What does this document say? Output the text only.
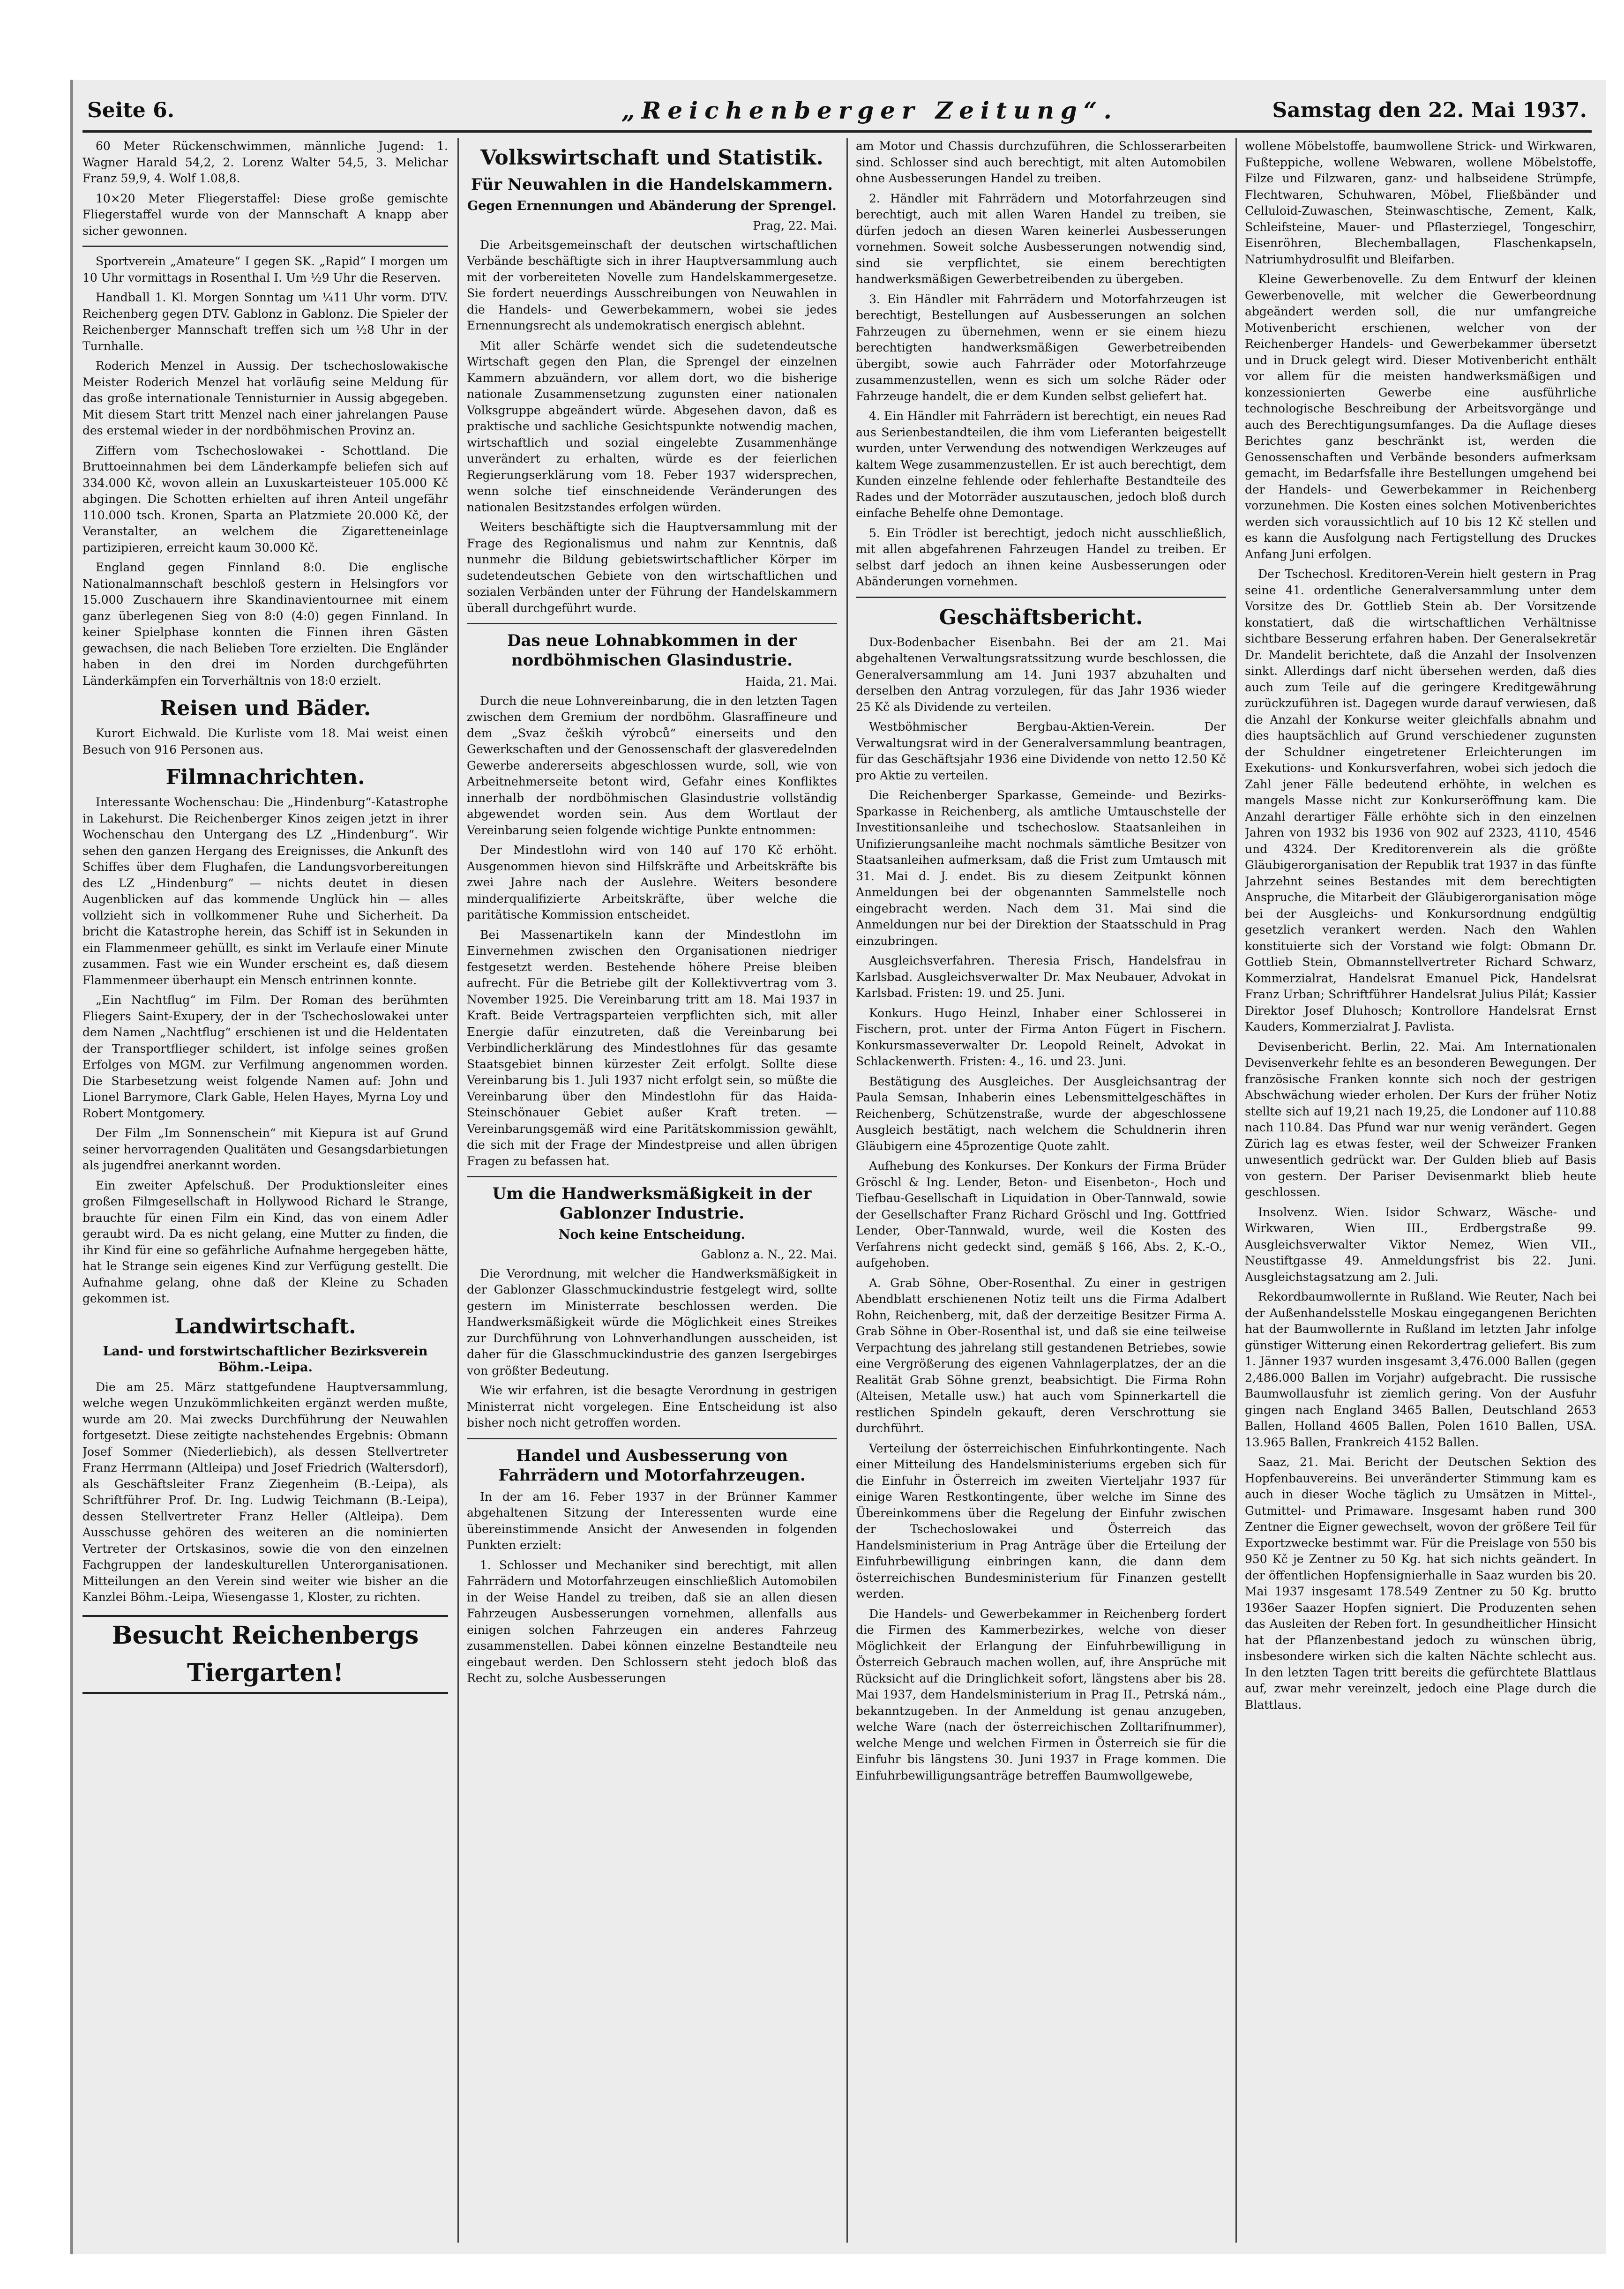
Seite 6.	„Reichenberger Zeitung“.	Samstag den 22. Mai 1937.

60 Meter Rückenschwimmen, männliche Jugend: 1. Wagner Harald 54,2, 2. Lorenz Walter 54,5, 3. Melichar Franz 59,9, 4. Wolf 1.08,8.

10×20 Meter Fliegerstaffel: Diese große gemischte Fliegerstaffel wurde von der Mannschaft A knapp aber sicher gewonnen.

Sportverein „Amateure“ I gegen SK. „Rapid“ I morgen um 10 Uhr vormittags in Rosenthal I. Um ½9 Uhr die Reserven.

Handball 1. Kl. Morgen Sonntag um ¼11 Uhr vorm. DTV. Reichenberg gegen DTV. Gablonz in Gablonz. Die Spieler der Reichenberger Mannschaft treffen sich um ½8 Uhr in der Turnhalle.

Roderich Menzel in Aussig. Der tschechoslowakische Meister Roderich Menzel hat vorläufig seine Meldung für das große internationale Tennisturnier in Aussig abgegeben. Mit diesem Start tritt Menzel nach einer jahrelangen Pause des erstemal wieder in der nordböhmischen Provinz an.

Ziffern vom Tschechoslowakei - Schottland. Die Bruttoeinnahmen bei dem Länderkampfe beliefen sich auf 334.000 Kč, wovon allein an Luxuskarteisteuer 105.000 Kč abgingen. Die Schotten erhielten auf ihren Anteil ungefähr 110.000 tsch. Kronen, Sparta an Platzmiete 20.000 Kč, der Veranstalter, an welchem die Zigaretteneinlage partizipieren, erreicht kaum 30.000 Kč.

England gegen Finnland 8:0. Die englische Nationalmannschaft beschloß gestern in Helsingfors vor 15.000 Zuschauern ihre Skandinavientournee mit einem ganz überlegenen Sieg von 8:0 (4:0) gegen Finnland. In keiner Spielphase konnten die Finnen ihren Gästen gewachsen, die nach Belieben Tore erzielten. Die Engländer haben in den drei im Norden durchgeführten Länderkämpfen ein Torverhältnis von 18:0 erzielt.

Reisen und Bäder.

Kurort Eichwald. Die Kurliste vom 18. Mai weist einen Besuch von 916 Personen aus.

Filmnachrichten.

Interessante Wochenschau: Die „Hindenburg“-Katastrophe in Lakehurst. Die Reichenberger Kinos zeigen jetzt in ihrer Wochenschau den Untergang des LZ „Hindenburg“. Wir sehen den ganzen Hergang des Ereignisses, die Ankunft des Schiffes über dem Flughafen, die Landungsvorbereitungen des LZ „Hindenburg“ — nichts deutet in diesen Augenblicken auf das kommende Unglück hin — alles vollzieht sich in vollkommener Ruhe und Sicherheit. Da bricht die Katastrophe herein, das Schiff ist in Sekunden in ein Flammenmeer gehüllt, es sinkt im Verlaufe einer Minute zusammen. Fast wie ein Wunder erscheint es, daß diesem Flammenmeer überhaupt ein Mensch entrinnen konnte.

„Ein Nachtflug“ im Film. Der Roman des berühmten Fliegers Saint-Exupery, der in der Tschechoslowakei unter dem Namen „Nachtflug“ erschienen ist und die Heldentaten der Transportflieger schildert, ist infolge seines großen Erfolges von MGM. zur Verfilmung angenommen worden. Die Starbesetzung weist folgende Namen auf: John und Lionel Barrymore, Clark Gable, Helen Hayes, Myrna Loy und Robert Montgomery.

Der Film „Im Sonnenschein“ mit Kiepura ist auf Grund seiner hervorragenden Qualitäten und Gesangsdarbietungen als jugendfrei anerkannt worden.

Ein zweiter Apfelschuß. Der Produktionsleiter eines großen Filmgesellschaft in Hollywood Richard le Strange, brauchte für einen Film ein Kind, das von einem Adler geraubt wird. Da es nicht gelang, eine Mutter zu finden, die ihr Kind für eine so gefährliche Aufnahme hergegeben hätte, hat le Strange sein eigenes Kind zur Verfügung gestellt. Die Aufnahme gelang, ohne daß der Kleine zu Schaden gekommen ist.

Landwirtschaft.
Land- und forstwirtschaftlicher Bezirksverein Böhm.-Leipa.

Die am 25. März stattgefundene Hauptversammlung, welche wegen Unzukömmlichkeiten ergänzt werden mußte, wurde am 20. Mai zwecks Durchführung der Neuwahlen fortgesetzt. Diese zeitigte nachstehendes Ergebnis: Obmann Josef Sommer (Niederliebich), als dessen Stellvertreter Franz Herrmann (Altleipa) und Josef Friedrich (Waltersdorf), als Geschäftsleiter Franz Ziegenheim (B.-Leipa), als Schriftführer Prof. Dr. Ing. Ludwig Teichmann (B.-Leipa), dessen Stellvertreter Franz Heller (Altleipa). Dem Ausschusse gehören des weiteren an die nominierten Vertreter der Ortskasinos, sowie die von den einzelnen Fachgruppen der landeskulturellen Unterorganisationen. Mitteilungen an den Verein sind weiter wie bisher an die Kanzlei Böhm.-Leipa, Wiesengasse 1, Kloster, zu richten.

Besucht Reichenbergs Tiergarten!
Volkswirtschaft und Statistik.
Für Neuwahlen in die Handelskammern.
Gegen Ernennungen und Abänderung der Sprengel.

Prag, 22. Mai.

Die Arbeitsgemeinschaft der deutschen wirtschaftlichen Verbände beschäftigte sich in ihrer Hauptversammlung auch mit der vorbereiteten Novelle zum Handelskammergesetze. Sie fordert neuerdings Ausschreibungen von Neuwahlen in die Handels- und Gewerbekammern, wobei sie jedes Ernennungsrecht als undemokratisch energisch ablehnt.

Mit aller Schärfe wendet sich die sudetendeutsche Wirtschaft gegen den Plan, die Sprengel der einzelnen Kammern abzuändern, vor allem dort, wo die bisherige nationale Zusammensetzung zugunsten einer nationalen Volksgruppe abgeändert würde. Abgesehen davon, daß es praktische und sachliche Gesichtspunkte notwendig machen, wirtschaftlich und sozial eingelebte Zusammenhänge unverändert zu erhalten, würde es der feierlichen Regierungserklärung vom 18. Feber 1937 widersprechen, wenn solche tief einschneidende Veränderungen des nationalen Besitzstandes erfolgen würden.

Weiters beschäftigte sich die Hauptversammlung mit der Frage des Regionalismus und nahm zur Kenntnis, daß nunmehr die Bildung gebietswirtschaftlicher Körper im sudetendeutschen Gebiete von den wirtschaftlichen und sozialen Verbänden unter der Führung der Handelskammern überall durchgeführt wurde.

Das neue Lohnabkommen in der nordböhmischen Glasindustrie.

Haida, 21. Mai.

Durch die neue Lohnvereinbarung, die in den letzten Tagen zwischen dem Gremium der nordböhm. Glasraffineure und dem „Svaz čeških výrobců“ einerseits und den Gewerkschaften und der Genossenschaft der glasveredelnden Gewerbe andererseits abgeschlossen wurde, soll, wie von Arbeitnehmerseite betont wird, Gefahr eines Konfliktes innerhalb der nordböhmischen Glasindustrie vollständig abgewendet worden sein. Aus dem Wortlaut der Vereinbarung seien folgende wichtige Punkte entnommen:

Der Mindestlohn wird von 140 auf 170 Kč erhöht. Ausgenommen hievon sind Hilfskräfte und Arbeitskräfte bis zwei Jahre nach der Auslehre. Weiters besondere minderqualifizierte Arbeitskräfte, über welche die paritätische Kommission entscheidet.

Bei Massenartikeln kann der Mindestlohn im Einvernehmen zwischen den Organisationen niedriger festgesetzt werden. Bestehende höhere Preise bleiben aufrecht. Für die Betriebe gilt der Kollektivvertrag vom 3. November 1925. Die Vereinbarung tritt am 18. Mai 1937 in Kraft. Beide Vertragsparteien verpflichten sich, mit aller Energie dafür einzutreten, daß die Vereinbarung bei Verbindlicherklärung des Mindestlohnes für das gesamte Staatsgebiet binnen kürzester Zeit erfolgt. Sollte diese Vereinbarung bis 1. Juli 1937 nicht erfolgt sein, so müßte die Vereinbarung über den Mindestlohn für das Haida-Steinschönauer Gebiet außer Kraft treten. — Vereinbarungsgemäß wird eine Paritätskommission gewählt, die sich mit der Frage der Mindestpreise und allen übrigen Fragen zu befassen hat.

Um die Handwerksmäßigkeit in der Gablonzer Industrie.
Noch keine Entscheidung.

Gablonz a. N., 22. Mai.

Die Verordnung, mit welcher die Handwerksmäßigkeit in der Gablonzer Glasschmuckindustrie festgelegt wird, sollte gestern im Ministerrate beschlossen werden. Die Handwerksmäßigkeit würde die Möglichkeit eines Streikes zur Durchführung von Lohnverhandlungen ausscheiden, ist daher für die Glasschmuckindustrie des ganzen Isergebirges von größter Bedeutung.

Wie wir erfahren, ist die besagte Verordnung in gestrigen Ministerrat nicht vorgelegen. Eine Entscheidung ist also bisher noch nicht getroffen worden.

Handel und Ausbesserung von Fahrrädern und Motorfahrzeugen.

In der am 16. Feber 1937 in der Brünner Kammer abgehaltenen Sitzung der Interessenten wurde eine übereinstimmende Ansicht der Anwesenden in folgenden Punkten erzielt:

1. Schlosser und Mechaniker sind berechtigt, mit allen Fahrrädern und Motorfahrzeugen einschließlich Automobilen in der Weise Handel zu treiben, daß sie an allen diesen Fahrzeugen Ausbesserungen vornehmen, allenfalls aus einigen solchen Fahrzeugen ein anderes Fahrzeug zusammenstellen. Dabei können einzelne Bestandteile neu eingebaut werden. Den Schlossern steht jedoch bloß das Recht zu, solche Ausbesserungen

am Motor und Chassis durchzuführen, die Schlosserarbeiten sind. Schlosser sind auch berechtigt, mit alten Automobilen ohne Ausbesserungen Handel zu treiben.

2. Händler mit Fahrrädern und Motorfahrzeugen sind berechtigt, auch mit allen Waren Handel zu treiben, sie dürfen jedoch an diesen Waren keinerlei Ausbesserungen vornehmen. Soweit solche Ausbesserungen notwendig sind, sind sie verpflichtet, sie einem berechtigten handwerksmäßigen Gewerbetreibenden zu übergeben.

3. Ein Händler mit Fahrrädern und Motorfahrzeugen ist berechtigt, Bestellungen auf Ausbesserungen an solchen Fahrzeugen zu übernehmen, wenn er sie einem hiezu berechtigten handwerksmäßigen Gewerbetreibenden übergibt, sowie auch Fahrräder oder Motorfahrzeuge zusammenzustellen, wenn es sich um solche Räder oder Fahrzeuge handelt, die er dem Kunden selbst geliefert hat.

4. Ein Händler mit Fahrrädern ist berechtigt, ein neues Rad aus Serienbestandteilen, die ihm vom Lieferanten beigestellt wurden, unter Verwendung des notwendigen Werkzeuges auf kaltem Wege zusammenzustellen. Er ist auch berechtigt, dem Kunden einzelne fehlende oder fehlerhafte Bestandteile des Rades und der Motorräder auszutauschen, jedoch bloß durch einfache Behelfe ohne Demontage.

5. Ein Trödler ist berechtigt, jedoch nicht ausschließlich, mit allen abgefahrenen Fahrzeugen Handel zu treiben. Er selbst darf jedoch an ihnen keine Ausbesserungen oder Abänderungen vornehmen.

Geschäftsbericht.

Dux-Bodenbacher Eisenbahn. Bei der am 21. Mai abgehaltenen Verwaltungsratssitzung wurde beschlossen, die Generalversammlung am 14. Juni 1937 abzuhalten und derselben den Antrag vorzulegen, für das Jahr 1936 wieder 25 Kč als Dividende zu verteilen.

Westböhmischer Bergbau-Aktien-Verein. Der Verwaltungsrat wird in der Generalversammlung beantragen, für das Geschäftsjahr 1936 eine Dividende von netto 12.50 Kč pro Aktie zu verteilen.

Die Reichenberger Sparkasse, Gemeinde- und Bezirks-Sparkasse in Reichenberg, als amtliche Umtauschstelle der Investitionsanleihe und tschechoslow. Staatsanleihen in Unifizierungsanleihe macht nochmals sämtliche Besitzer von Staatsanleihen aufmerksam, daß die Frist zum Umtausch mit 31. Mai d. J. endet. Bis zu diesem Zeitpunkt können Anmeldungen bei der obgenannten Sammelstelle noch eingebracht werden. Nach dem 31. Mai sind die Anmeldungen nur bei der Direktion der Staatsschuld in Prag einzubringen.

Ausgleichsverfahren. Theresia Frisch, Handelsfrau in Karlsbad. Ausgleichsverwalter Dr. Max Neubauer, Advokat in Karlsbad. Fristen: 19. und 25. Juni.

Konkurs. Hugo Heinzl, Inhaber einer Schlosserei in Fischern, prot. unter der Firma Anton Fügert in Fischern. Konkursmasseverwalter Dr. Leopold Reinelt, Advokat in Schlackenwerth. Fristen: 4., 16. und 23. Juni.

Bestätigung des Ausgleiches. Der Ausgleichsantrag der Paula Semsan, Inhaberin eines Lebensmittelgeschäftes in Reichenberg, Schützenstraße, wurde der abgeschlossene Ausgleich bestätigt, nach welchem die Schuldnerin ihren Gläubigern eine 45prozentige Quote zahlt.

Aufhebung des Konkurses. Der Konkurs der Firma Brüder Gröschl & Ing. Lender, Beton- und Eisenbeton-, Hoch und Tiefbau-Gesellschaft in Liquidation in Ober-Tannwald, sowie der Gesellschafter Franz Richard Gröschl und Ing. Gottfried Lender, Ober-Tannwald, wurde, weil die Kosten des Verfahrens nicht gedeckt sind, gemäß § 166, Abs. 2, K.-O., aufgehoben.

A. Grab Söhne, Ober-Rosenthal. Zu einer in gestrigen Abendblatt erschienenen Notiz teilt uns die Firma Adalbert Rohn, Reichenberg, mit, daß der derzeitige Besitzer Firma A. Grab Söhne in Ober-Rosenthal ist, und daß sie eine teilweise Verpachtung des jahrelang still gestandenen Betriebes, sowie eine Vergrößerung des eigenen Vahnlagerplatzes, der an die Realität Grab Söhne grenzt, beabsichtigt. Die Firma Rohn (Alteisen, Metalle usw.) hat auch vom Spinnerkartell die restlichen Spindeln gekauft, deren Verschrottung sie durchführt.

Verteilung der österreichischen Einfuhrkontingente. Nach einer Mitteilung des Handelsministeriums ergeben sich für die Einfuhr in Österreich im zweiten Vierteljahr 1937 für einige Waren Restkontingente, über welche im Sinne des Übereinkommens über die Regelung der Einfuhr zwischen der Tschechoslowakei und Österreich das Handelsministerium in Prag Anträge über die Erteilung der Einfuhrbewilligung einbringen kann, die dann dem österreichischen Bundesministerium für Finanzen gestellt werden.

Die Handels- und Gewerbekammer in Reichenberg fordert die Firmen des Kammerbezirkes, welche von dieser Möglichkeit der Erlangung der Einfuhrbewilligung in Österreich Gebrauch machen wollen, auf, ihre Ansprüche mit Rücksicht auf die Dringlichkeit sofort, längstens aber bis 28. Mai 1937, dem Handelsministerium in Prag II., Petrská nám., bekanntzugeben. In der Anmeldung ist genau anzugeben, welche Ware (nach der österreichischen Zolltarifnummer), welche Menge und welchen Firmen in Österreich sie für die Einfuhr bis längstens 30. Juni 1937 in Frage kommen. Die Einfuhrbewilligungsanträge betreffen Baumwollgewebe,

wollene Möbelstoffe, baumwollene Strick- und Wirkwaren, Fußteppiche, wollene Webwaren, wollene Möbelstoffe, Filze und Filzwaren, ganz- und halbseidene Strümpfe, Flechtwaren, Schuhwaren, Möbel, Fließbänder und Celluloid-Zuwaschen, Steinwaschtische, Zement, Kalk, Schleifsteine, Mauer- und Pflasterziegel, Tongeschirr, Eisenröhren, Blechemballagen, Flaschenkapseln, Natriumhydrosulfit und Bleifarben.

Kleine Gewerbenovelle. Zu dem Entwurf der kleinen Gewerbenovelle, mit welcher die Gewerbeordnung abgeändert werden soll, die nur umfangreiche Motivenbericht erschienen, welcher von der Reichenberger Handels- und Gewerbekammer übersetzt und in Druck gelegt wird. Dieser Motivenbericht enthält vor allem für die meisten handwerksmäßigen und konzessionierten Gewerbe eine ausführliche technologische Beschreibung der Arbeitsvorgänge und auch des Berechtigungsumfanges. Da die Auflage dieses Berichtes ganz beschränkt ist, werden die Genossenschaften und Verbände besonders aufmerksam gemacht, im Bedarfsfalle ihre Bestellungen umgehend bei der Handels- und Gewerbekammer in Reichenberg vorzunehmen. Die Kosten eines solchen Motivenberichtes werden sich voraussichtlich auf 10 bis 12 Kč stellen und es kann die Ausfolgung nach Fertigstellung des Druckes Anfang Juni erfolgen.

Der Tschechosl. Kreditoren-Verein hielt gestern in Prag seine 41. ordentliche Generalversammlung unter dem Vorsitze des Dr. Gottlieb Stein ab. Der Vorsitzende konstatiert, daß die wirtschaftlichen Verhältnisse sichtbare Besserung erfahren haben. Der Generalsekretär Dr. Mandelit berichtete, daß die Anzahl der Insolvenzen sinkt. Allerdings darf nicht übersehen werden, daß dies auch zum Teile auf die geringere Kreditgewährung zurückzuführen ist. Dagegen wurde darauf verwiesen, daß die Anzahl der Konkurse weiter gleichfalls abnahm und dies hauptsächlich auf Grund verschiedener zugunsten der Schuldner eingetretener Erleichterungen im Exekutions- und Konkursverfahren, wobei sich jedoch die Zahl jener Fälle bedeutend erhöhte, in welchen es mangels Masse nicht zur Konkurseröffnung kam. Die Anzahl derartiger Fälle erhöhte sich in den einzelnen Jahren von 1932 bis 1936 von 902 auf 2323, 4110, 4546 und 4324. Der Kreditorenverein als die größte Gläubigerorganisation der Republik trat 1937 in das fünfte Jahrzehnt seines Bestandes mit dem berechtigten Anspruche, die Mitarbeit der Gläubigerorganisation möge bei der Ausgleichs- und Konkursordnung endgültig gesetzlich verankert werden. Nach den Wahlen konstituierte sich der Vorstand wie folgt: Obmann Dr. Gottlieb Stein, Obmannstellvertreter Richard Schwarz, Kommerzialrat, Handelsrat Emanuel Pick, Handelsrat Franz Urban; Schriftführer Handelsrat Julius Pilát; Kassier Direktor Josef Dluhosch; Kontrollore Handelsrat Ernst Kauders, Kommerzialrat J. Pavlista.

Devisenbericht. Berlin, 22. Mai. Am Internationalen Devisenverkehr fehlte es an besonderen Bewegungen. Der französische Franken konnte sich noch der gestrigen Abschwächung wieder erholen. Der Kurs der früher Notiz stellte sich auf 19,21 nach 19,25, die Londoner auf 110.88 nach 110.84. Das Pfund war nur wenig verändert. Gegen Zürich lag es etwas fester, weil der Schweizer Franken unwesentlich gedrückt war. Der Gulden blieb auf Basis von gestern. Der Pariser Devisenmarkt blieb heute geschlossen.

Insolvenz. Wien. Isidor Schwarz, Wäsche- und Wirkwaren, Wien III., Erdbergstraße 99. Ausgleichsverwalter Viktor Nemez, Wien VII., Neustiftgasse 49. Anmeldungsfrist bis 22. Juni. Ausgleichstagsatzung am 2. Juli.

Rekordbaumwollernte in Rußland. Wie Reuter, Nach bei der Außenhandelsstelle Moskau eingegangenen Berichten hat der Baumwollernte in Rußland im letzten Jahr infolge günstiger Witterung einen Rekordertrag geliefert. Bis zum 1. Jänner 1937 wurden insgesamt 3,476.000 Ballen (gegen 2,486.000 Ballen im Vorjahr) aufgebracht. Die russische Baumwollausfuhr ist ziemlich gering. Von der Ausfuhr gingen nach England 3465 Ballen, Deutschland 2653 Ballen, Holland 4605 Ballen, Polen 1610 Ballen, USA. 13.965 Ballen, Frankreich 4152 Ballen.

Saaz, 21. Mai. Bericht der Deutschen Sektion des Hopfenbauvereins. Bei unveränderter Stimmung kam es auch in dieser Woche täglich zu Umsätzen in Mittel-, Gutmittel- und Primaware. Insgesamt haben rund 300 Zentner die Eigner gewechselt, wovon der größere Teil für Exportzwecke bestimmt war. Für die Preislage von 550 bis 950 Kč je Zentner zu 50 Kg. hat sich nichts geändert. In der öffentlichen Hopfensignierhalle in Saaz wurden bis 20. Mai 1937 insgesamt 178.549 Zentner zu 50 Kg. brutto 1936er Saazer Hopfen signiert. Die Produzenten sehen das Ausleiten der Reben fort. In gesundheitlicher Hinsicht hat der Pflanzenbestand jedoch zu wünschen übrig, insbesondere wirken sich die kalten Nächte schlecht aus. In den letzten Tagen tritt bereits die gefürchtete Blattlaus auf, zwar mehr vereinzelt, jedoch eine Plage durch die Blattlaus.
